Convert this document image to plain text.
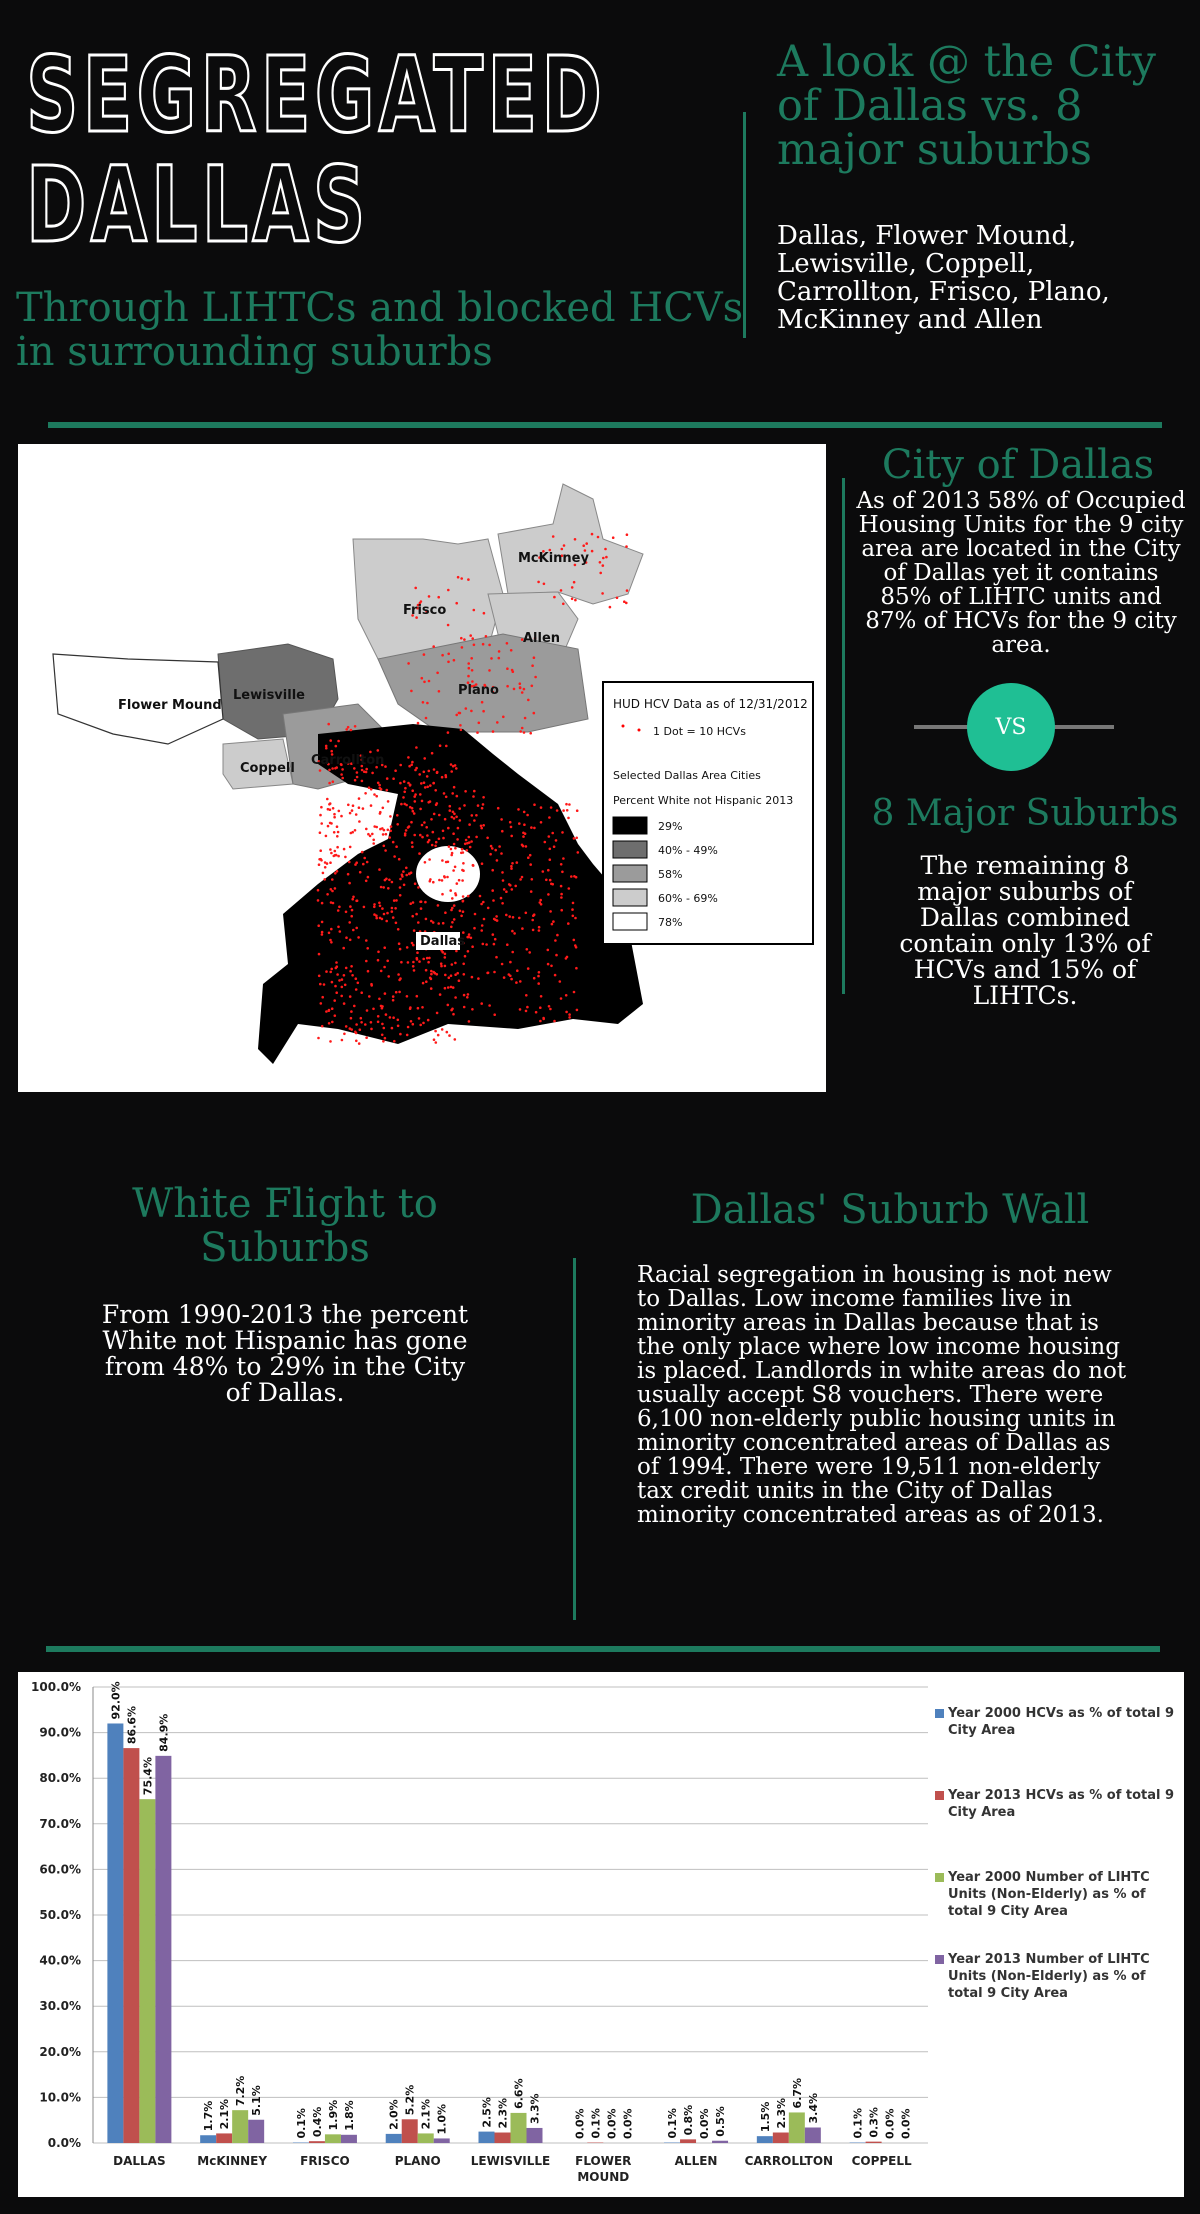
SEGREGATED
DALLAS
Through LIHTCs and blocked HCVs in surrounding suburbs
A look @ the City of Dallas vs. 8 major suburbs
Dallas, Flower Mound, Lewisville, Coppell, Carrollton, Frisco, Plano, McKinney and Allen
McKinney
Frisco
Allen
Plano
Lewisville
Flower Mound
Coppell
Carrollton
Dallas
HUD HCV Data as of 12/31/2012
1 Dot = 10 HCVs
Selected Dallas Area Cities
Percent White not Hispanic 2013
29%
40% - 49%
58%
60% - 69%
78%
City of Dallas
As of 2013 58% of Occupied Housing Units for the 9 city area are located in the City of Dallas yet it contains 85% of LIHTC units and 87% of HCVs for the 9 city area.
VS
8 Major Suburbs
The remaining 8 major suburbs of Dallas combined contain only 13% of HCVs and 15% of LIHTCs.
White Flight to Suburbs
From 1990-2013 the percent White not Hispanic has gone from 48% to 29% in the City of Dallas.
Dallas' Suburb Wall
Racial segregation in housing is not new to Dallas. Low income families live in minority areas in Dallas because that is the only place where low income housing is placed. Landlords in white areas do not usually accept S8 vouchers. There were 6,100 non-elderly public housing units in minority concentrated areas of Dallas as of 1994. There were 19,511 non-elderly tax credit units in the City of Dallas minority concentrated areas as of 2013.
0.0%
10.0%
20.0%
30.0%
40.0%
50.0%
60.0%
70.0%
80.0%
90.0%
100.0%	92.0%
86.6%
75.4%
84.9%
1.7% 2.1%
7.2% 5.1%
0.1% 0.4% 1.9% 1.8%	2.0% 5.2% 2.1% 1.0%	2.5% 2.3%
6.6% 3.3%	0.0% 0.1% 0.0% 0.0%	0.1% 0.8% 0.0% 0.5%	1.5% 2.3%
6.7% 3.4%	0.1% 0.3% 0.0% 0.0%
DALLAS	McKINNEY	FRISCO	PLANO	LEWISVILLE FLOWER
MOUND
ALLEN CARROLLTON COPPELL
Year 2000 HCVs as % of total 9 City Area
Year 2013 HCVs as % of total 9 City Area
Year 2000 Number of LIHTC Units (Non-Elderly) as % of total 9 City Area
Year 2013 Number of LIHTC Units (Non-Elderly) as % of total 9 City Area
